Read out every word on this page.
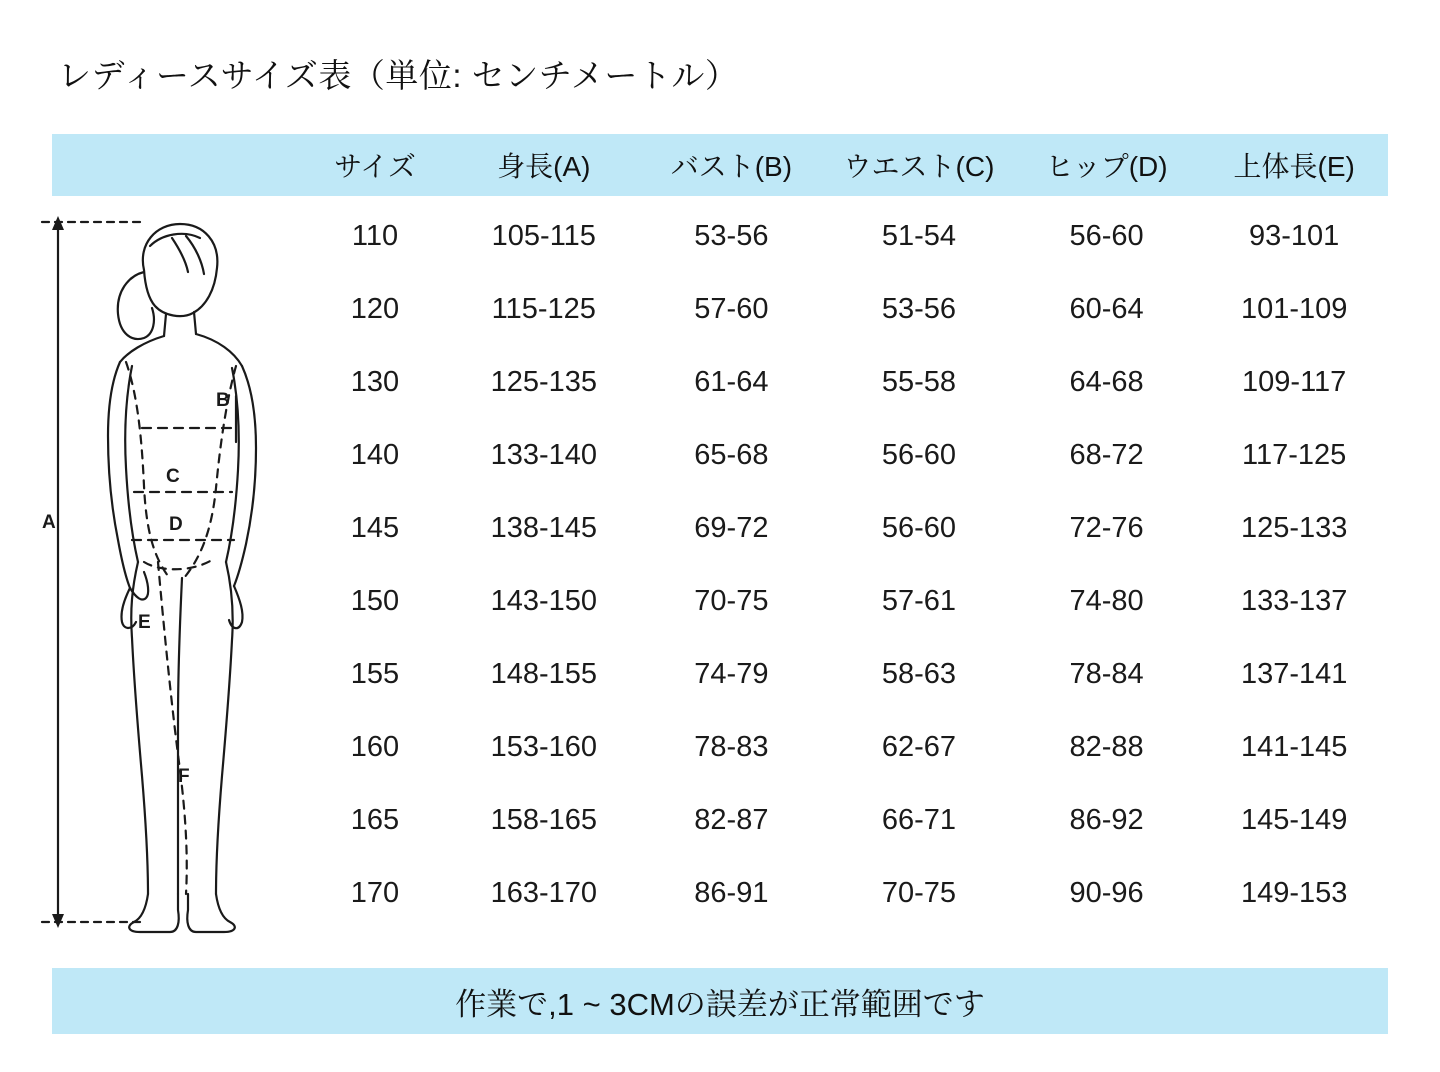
レディースサイズ表（単位: センチメートル）
サイズ	身長(A)	バスト(B)	ウエスト(C)	ヒップ(D)	上体長(E)
110	105-115	53-56	51-54	56-60	93-101
120	115-125	57-60	53-56	60-64	101-109
130	125-135	61-64	55-58	64-68	109-117
140	133-140	65-68	56-60	68-72	117-125
145	138-145	69-72	56-60	72-76	125-133
150	143-150	70-75	57-61	74-80	133-137
155	148-155	74-79	58-63	78-84	137-141
160	153-160	78-83	62-67	82-88	141-145
165	158-165	82-87	66-71	86-92	145-149
170	163-170	86-91	70-75	90-96	149-153
作業で,1 ~ 3CMの誤差が正常範囲です
A
B
C
D
E
F
